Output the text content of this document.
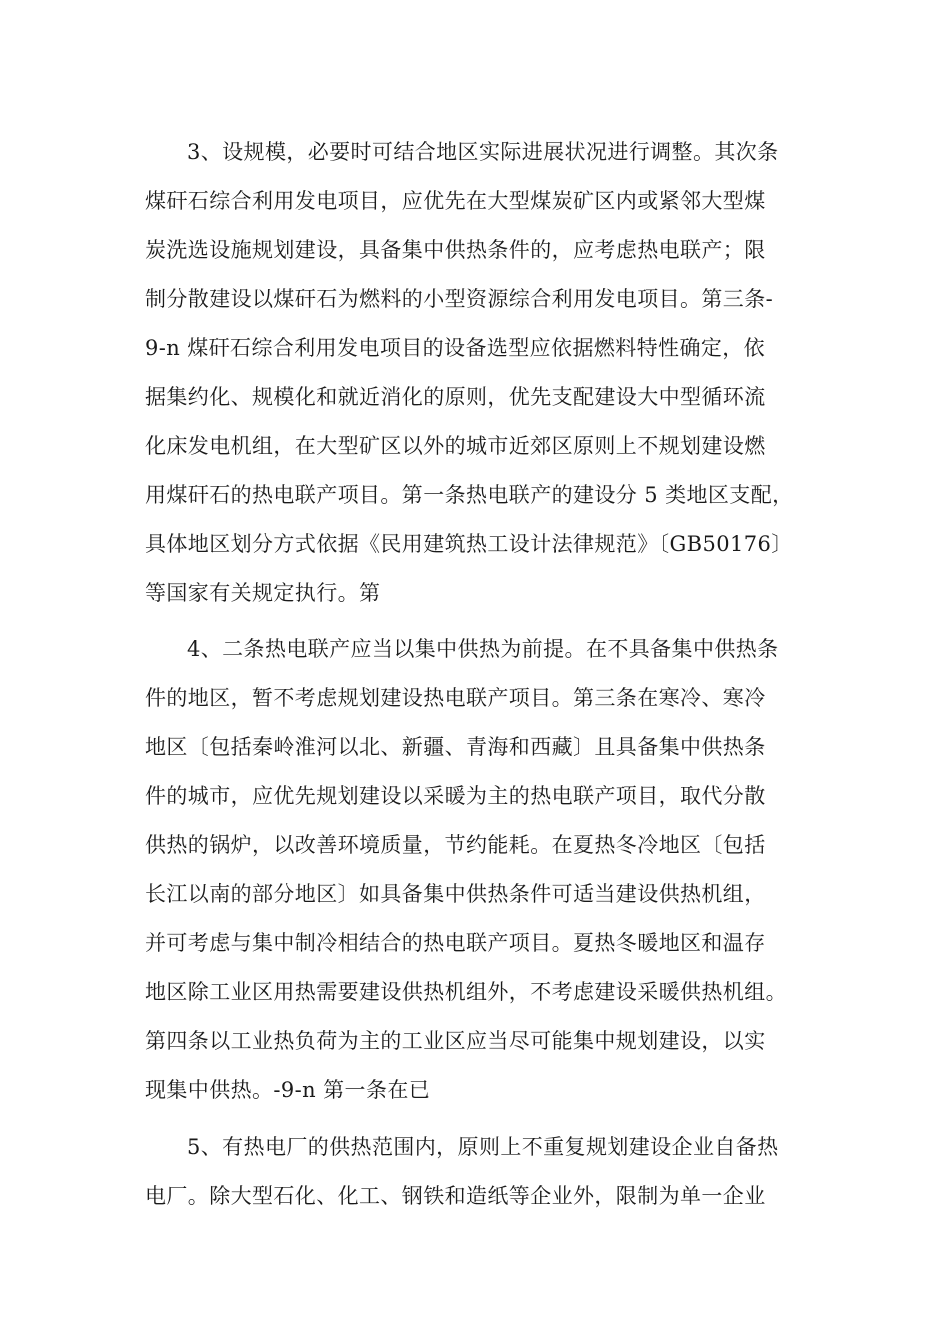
3、设规模，必要时可结合地区实际进展状况进行调整。其次条
煤矸石综合利用发电项目，应优先在大型煤炭矿区内或紧邻大型煤
炭洗选设施规划建设，具备集中供热条件的，应考虑热电联产；限
制分散建设以煤矸石为燃料的小型资源综合利用发电项目。第三条-
9-n 煤矸石综合利用发电项目的设备选型应依据燃料特性确定，依
据集约化、规模化和就近消化的原则，优先支配建设大中型循环流
化床发电机组，在大型矿区以外的城市近郊区原则上不规划建设燃
用煤矸石的热电联产项目。第一条热电联产的建设分 5 类地区支配，
具体地区划分方式依据《民用建筑热工设计法律规范》〔GB50176〕
等国家有关规定执行。第
4、二条热电联产应当以集中供热为前提。在不具备集中供热条
件的地区，暂不考虑规划建设热电联产项目。第三条在寒冷、寒冷
地区〔包括秦岭淮河以北、新疆、青海和西藏〕且具备集中供热条
件的城市，应优先规划建设以采暖为主的热电联产项目，取代分散
供热的锅炉，以改善环境质量，节约能耗。在夏热冬冷地区〔包括
长江以南的部分地区〕如具备集中供热条件可适当建设供热机组，
并可考虑与集中制冷相结合的热电联产项目。夏热冬暖地区和温存
地区除工业区用热需要建设供热机组外，不考虑建设采暖供热机组。
第四条以工业热负荷为主的工业区应当尽可能集中规划建设，以实
现集中供热。-9-n 第一条在已
5、有热电厂的供热范围内，原则上不重复规划建设企业自备热
电厂。除大型石化、化工、钢铁和造纸等企业外，限制为单一企业
